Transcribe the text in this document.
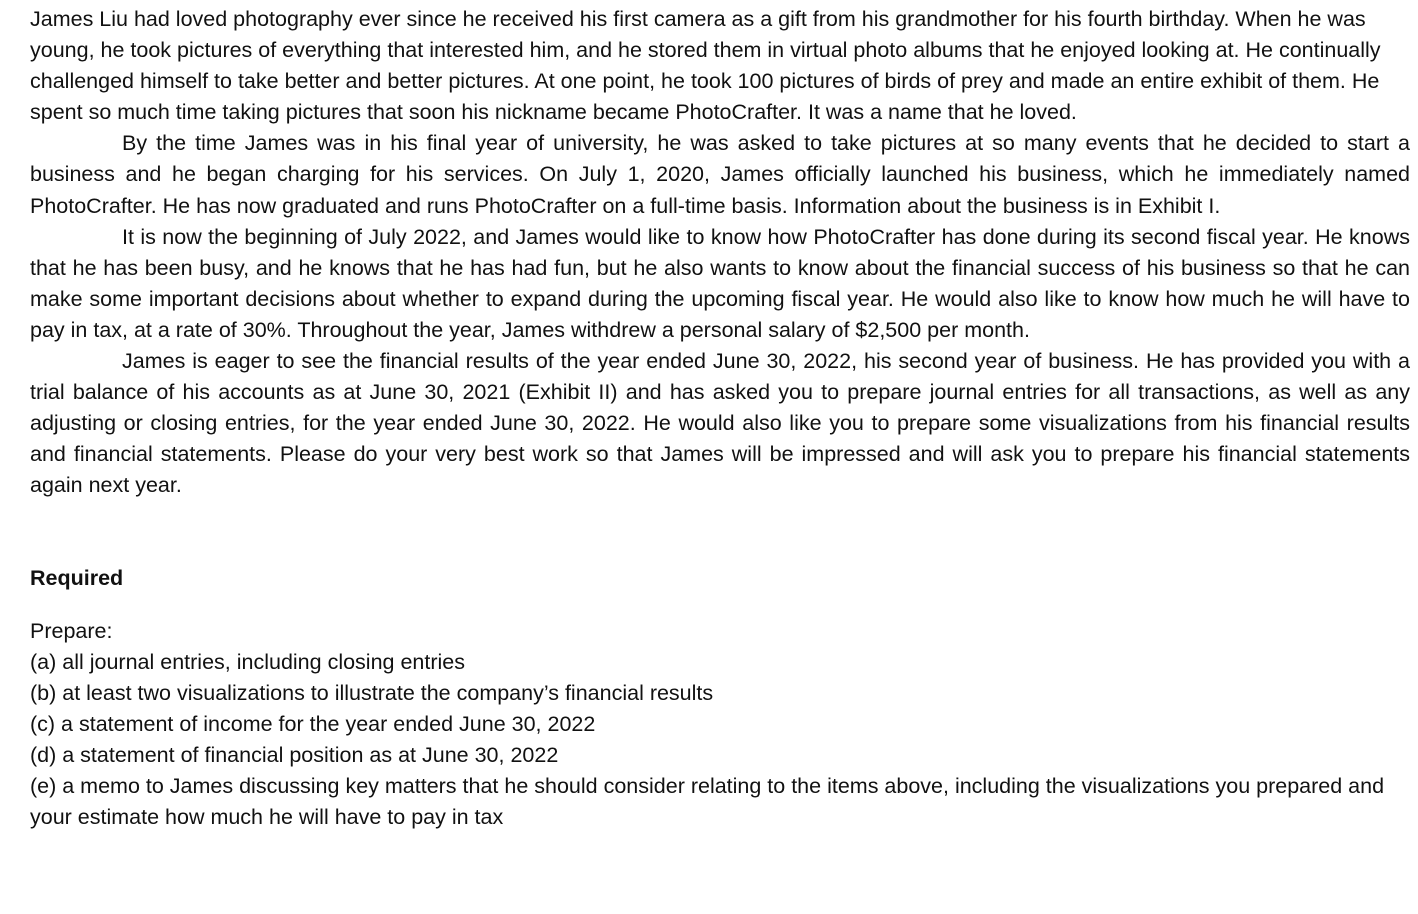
James Liu had loved photography ever since he received his first camera as a gift from his grandmother for his fourth birthday. When he was young, he took pictures of everything that interested him, and he stored them in virtual photo albums that he enjoyed looking at. He continually challenged himself to take better and better pictures. At one point, he took 100 pictures of birds of prey and made an entire exhibit of them. He spent so much time taking pictures that soon his nickname became PhotoCrafter. It was a name that he loved.

By the time James was in his final year of university, he was asked to take pictures at so many events that he decided to start a business and he began charging for his services. On July 1, 2020, James officially launched his business, which he immediately named PhotoCrafter. He has now graduated and runs PhotoCrafter on a full-time basis. Information about the business is in Exhibit I.

It is now the beginning of July 2022, and James would like to know how PhotoCrafter has done during its second fiscal year. He knows that he has been busy, and he knows that he has had fun, but he also wants to know about the financial success of his business so that he can make some important decisions about whether to expand during the upcoming fiscal year. He would also like to know how much he will have to pay in tax, at a rate of 30%. Throughout the year, James withdrew a personal salary of $2,500 per month.

James is eager to see the financial results of the year ended June 30, 2022, his second year of business. He has provided you with a trial balance of his accounts as at June 30, 2021 (Exhibit II) and has asked you to prepare journal entries for all transactions, as well as any adjusting or closing entries, for the year ended June 30, 2022. He would also like you to prepare some visualizations from his financial results and financial statements. Please do your very best work so that James will be impressed and will ask you to prepare his financial statements again next year.

Required

Prepare:

(a) all journal entries, including closing entries
(b) at least two visualizations to illustrate the company’s financial results
(c) a statement of income for the year ended June 30, 2022
(d) a statement of financial position as at June 30, 2022
(e) a memo to James discussing key matters that he should consider relating to the items above, including the visualizations you prepared and your estimate how much he will have to pay in tax
